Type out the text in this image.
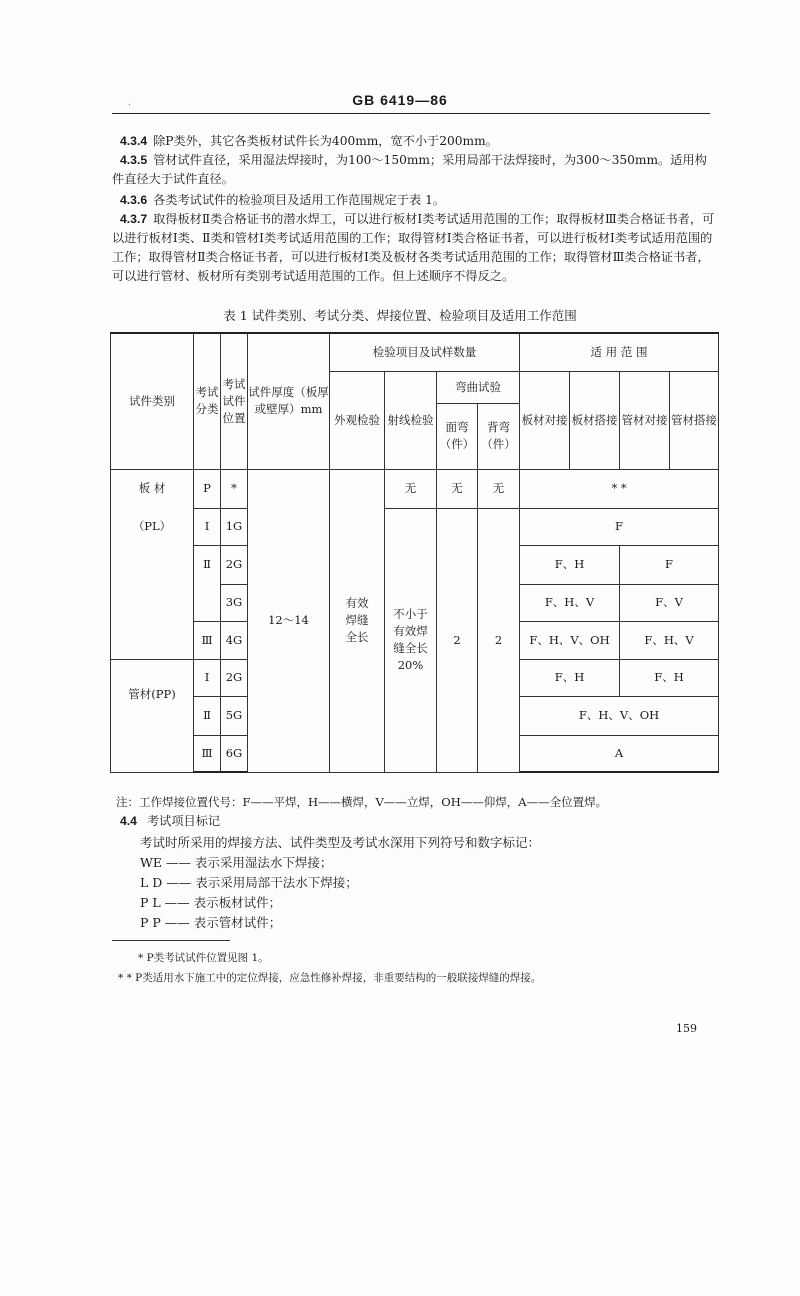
GB 6419—86
·
4.3.4 除P类外，其它各类板材试件长为400mm，宽不小于200mm。
4.3.5 管材试件直径，采用湿法焊接时，为100～150mm；采用局部干法焊接时，为300～350mm。适用构件直径大于试件直径。
4.3.6 各类考试试件的检验项目及适用工作范围规定于表 1。
4.3.7 取得板材Ⅱ类合格证书的潜水焊工，可以进行板材Ⅰ类考试适用范围的工作；取得板材Ⅲ类合格证书者，可以进行板材Ⅰ类、Ⅱ类和管材Ⅰ类考试适用范围的工作；取得管材Ⅰ类合格证书者，可以进行板材Ⅰ类考试适用范围的工作；取得管材Ⅱ类合格证书者，可以进行板材Ⅰ类及板材各类考试适用范围的工作；取得管材Ⅲ类合格证书者，可以进行管材、板材所有类别考试适用范围的工作。但上述顺序不得反之。
表 1 试件类别、考试分类、焊接位置、检验项目及适用工作范围
试件类别	考试分类	考试试件位置	试件厚度（板厚或壁厚）mm	检验项目及试样数量				适 用 范 围			
				外观检验	射线检验	弯曲试验		板材对接	板材搭接	管材对接	管材搭接
						面弯（件）	背弯（件）				
板 材	P	*	12～14	有效焊缝全长	无	无	无	* *			
（PL）	Ⅰ	1G			不小于有效焊缝全长20%	2	2	F			
	Ⅱ	2G						F、H		F	
		3G						F、H、V		F、V	
	Ⅲ	4G						F、H、V、OH		F、H、V	
管材(PP)	Ⅰ	2G						F、H		F、H	
	Ⅱ	5G						F、H、V、OH			
	Ⅲ	6G						A			
注：工作焊接位置代号：F——平焊，H——横焊，V——立焊，OH——仰焊，A——全位置焊。
4.4 考试项目标记
考试时所采用的焊接方法、试件类型及考试水深用下列符号和数字标记：
WE —— 表示采用湿法水下焊接；
L D —— 表示采用局部干法水下焊接；
P L —— 表示板材试件；
P P —— 表示管材试件；
* P类考试试件位置见图 1。
* * P类适用水下施工中的定位焊接，应急性修补焊接，非重要结构的一般联接焊缝的焊接。
159
